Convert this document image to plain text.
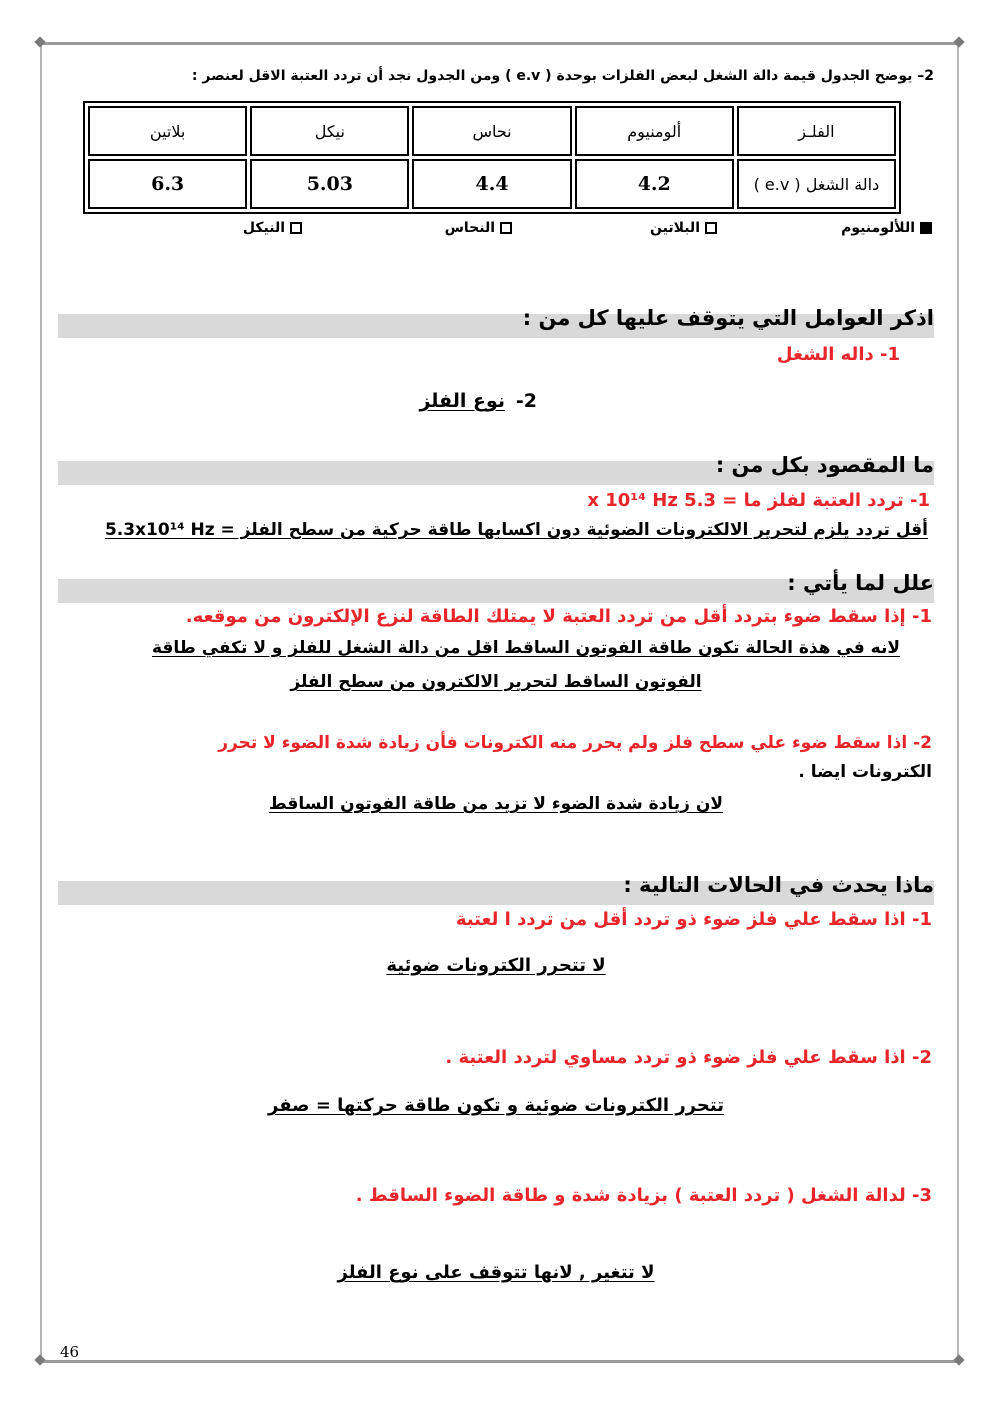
2– يوضح الجدول قيمة دالة الشغل لبعض الفلزات بوحدة ( e.v ) ومن الجدول نجد أن تردد العتبة الاقل لعنصر :
الفلـز	ألومنيوم	نحاس	نيكل	بلاتين
دالة الشغل ( e.v )	4.2	4.4	5.03	6.3
اللألومنيوم
البلاتين
النحاس
النيكل
اذكر العوامل التي يتوقف عليها كل من :
1- داله الشغل
2-
نوع الفلز
ما المقصود بكل من :
1- تردد العتبة لفلز ما = 5.3 x 10¹⁴ Hz
أقل تردد يلزم لتحرير الالكترونات الضوئية دون اكسابها طاقة حركية من سطح الفلز = 5.3x10¹⁴ Hz
علل لما يأتي :
1- إذا سقط ضوء بتردد أقل من تردد العتبة لا يمتلك الطاقة لنزع الإلكترون من موقعه.
لانه في هذة الحالة تكون طاقة الفوتون الساقط اقل من دالة الشغل للفلز و لا تكفي طاقة
الفوتون الساقط لتحرير الالكترون من سطح الفلز
2- اذا سقط ضوء علي سطح فلز ولم يحرر منه الكترونات فأن زيادة شدة الضوء لا تحرر
الكترونات ايضا .
لان زيادة شدة الضوء لا تزيد من طاقة الفوتون الساقط
ماذا يحدث في الحالات التالية :
1- اذا سقط علي فلز ضوء ذو تردد أقل من تردد ا لعتبة
لا تتحرر الكترونات ضوئية
2- اذا سقط علي فلز ضوء ذو تردد مساوي لتردد العتبة .
تتحرر الكترونات ضوئية و تكون طاقة حركتها = صفر
3- لدالة الشغل ( تردد العتبة ) بزيادة شدة و طاقة الضوء الساقط .
لا تتغير , لانها تتوقف على نوع الفلز
46
